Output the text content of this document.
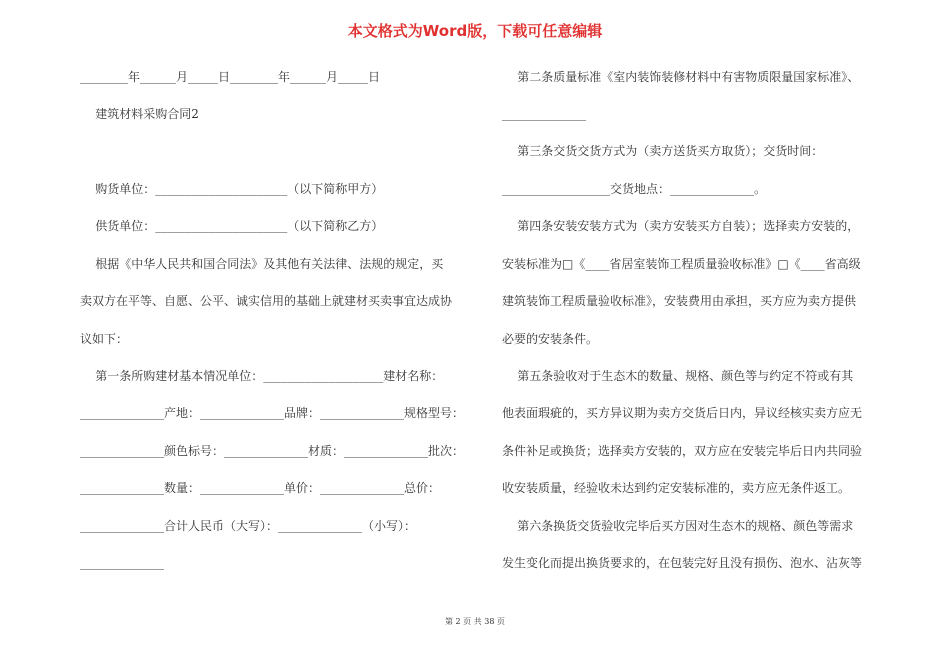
本文格式为Word版，下载可任意编辑
________年______月_____日________年______月_____日
建筑材料采购合同2
购货单位：______________________（以下简称甲方）
供货单位：______________________（以下简称乙方）
根据《中华人民共和国合同法》及其他有关法律、法规的规定，买
卖双方在平等、自愿、公平、诚实信用的基础上就建材买卖事宜达成协
议如下：
第一条所购建材基本情况单位：____________________建材名称：
______________产地：______________品牌：______________规格型号：
______________颜色标号：______________材质：______________批次：
______________数量：______________单价：______________总价：
______________合计人民币（大写）：______________（小写）：
______________
第二条质量标准《室内装饰装修材料中有害物质限量国家标准》、
______________
第三条交货交货方式为（卖方送货买方取货）；交货时间：
__________________交货地点：______________。
第四条安装安装方式为（卖方安装买方自装）；选择卖方安装的，
安装标准为□《____省居室装饰工程质量验收标准》□《____省高级
建筑装饰工程质量验收标准》，安装费用由承担，买方应为卖方提供
必要的安装条件。
第五条验收对于生态木的数量、规格、颜色等与约定不符或有其
他表面瑕疵的，买方异议期为卖方交货后日内，异议经核实卖方应无
条件补足或换货；选择卖方安装的，双方应在安装完毕后日内共同验
收安装质量，经验收未达到约定安装标准的，卖方应无条件返工。
第六条换货交货验收完毕后买方因对生态木的规格、颜色等需求
发生变化而提出换货要求的，在包装完好且没有损伤、泡水、沾灰等
第 2 页 共 38 页
